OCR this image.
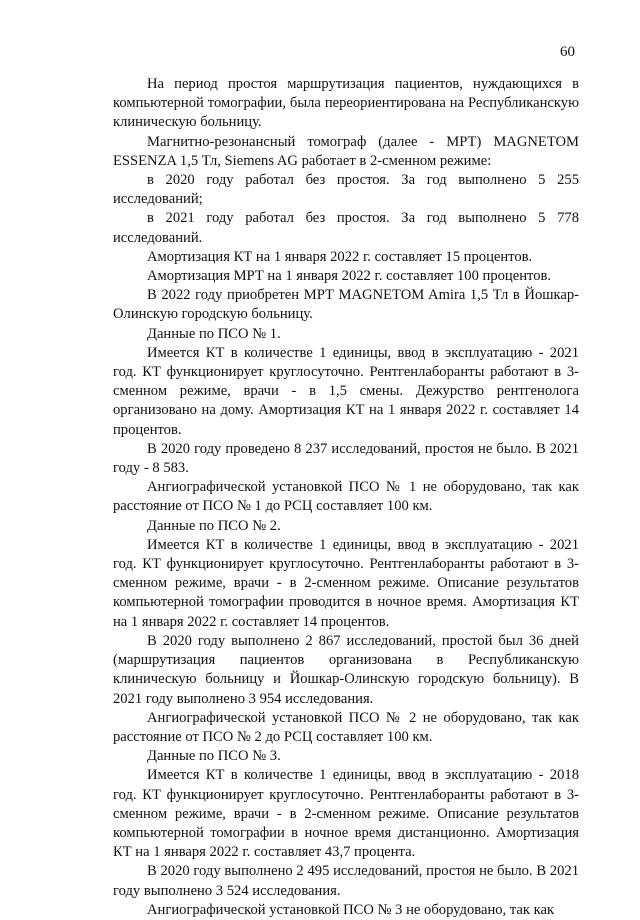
60

На период простоя маршрутизация пациентов, нуждающихся в компьютерной томографии, была переориентирована на Республиканскую клиническую больницу.

Магнитно-резонансный томограф (далее - МРТ) MAGNETOM ESSENZA 1,5 Тл, Siemens AG работает в 2-сменном режиме:

в 2020 году работал без простоя. За год выполнено 5 255 исследований;

в 2021 году работал без простоя. За год выполнено 5 778 исследований.

Амортизация КТ на 1 января 2022 г. составляет 15 процентов.

Амортизация МРТ на 1 января 2022 г. составляет 100 процентов.

В 2022 году приобретен МРТ MAGNETOM Amira 1,5 Тл в Йошкар-Олинскую городскую больницу.

Данные по ПСО № 1.

Имеется КТ в количестве 1 единицы, ввод в эксплуатацию - 2021 год. КТ функционирует круглосуточно. Рентгенлаборанты работают в 3-сменном режиме, врачи - в 1,5 смены. Дежурство рентгенолога организовано на дому. Амортизация КТ на 1 января 2022 г. составляет 14 процентов.

В 2020 году проведено 8 237 исследований, простоя не было. В 2021 году - 8 583.

Ангиографической установкой ПСО № 1 не оборудовано, так как расстояние от ПСО № 1 до РСЦ составляет 100 км.

Данные по ПСО № 2.

Имеется КТ в количестве 1 единицы, ввод в эксплуатацию - 2021 год. КТ функционирует круглосуточно. Рентгенлаборанты работают в 3-сменном режиме, врачи - в 2-сменном режиме. Описание результатов компьютерной томографии проводится в ночное время. Амортизация КТ на 1 января 2022 г. составляет 14 процентов.

В 2020 году выполнено 2 867 исследований, простой был 36 дней (маршрутизация пациентов организована в Республиканскую клиническую больницу и Йошкар-Олинскую городскую больницу). В 2021 году выполнено 3 954 исследования.

Ангиографической установкой ПСО № 2 не оборудовано, так как расстояние от ПСО № 2 до РСЦ составляет 100 км.

Данные по ПСО № 3.

Имеется КТ в количестве 1 единицы, ввод в эксплуатацию - 2018 год. КТ функционирует круглосуточно. Рентгенлаборанты работают в 3-сменном режиме, врачи - в 2-сменном режиме. Описание результатов компьютерной томографии в ночное время дистанционно. Амортизация КТ на 1 января 2022 г. составляет 43,7 процента.

В 2020 году выполнено 2 495 исследований, простоя не было. В 2021 году выполнено 3 524 исследования.

Ангиографической установкой ПСО № 3 не оборудовано, так как
